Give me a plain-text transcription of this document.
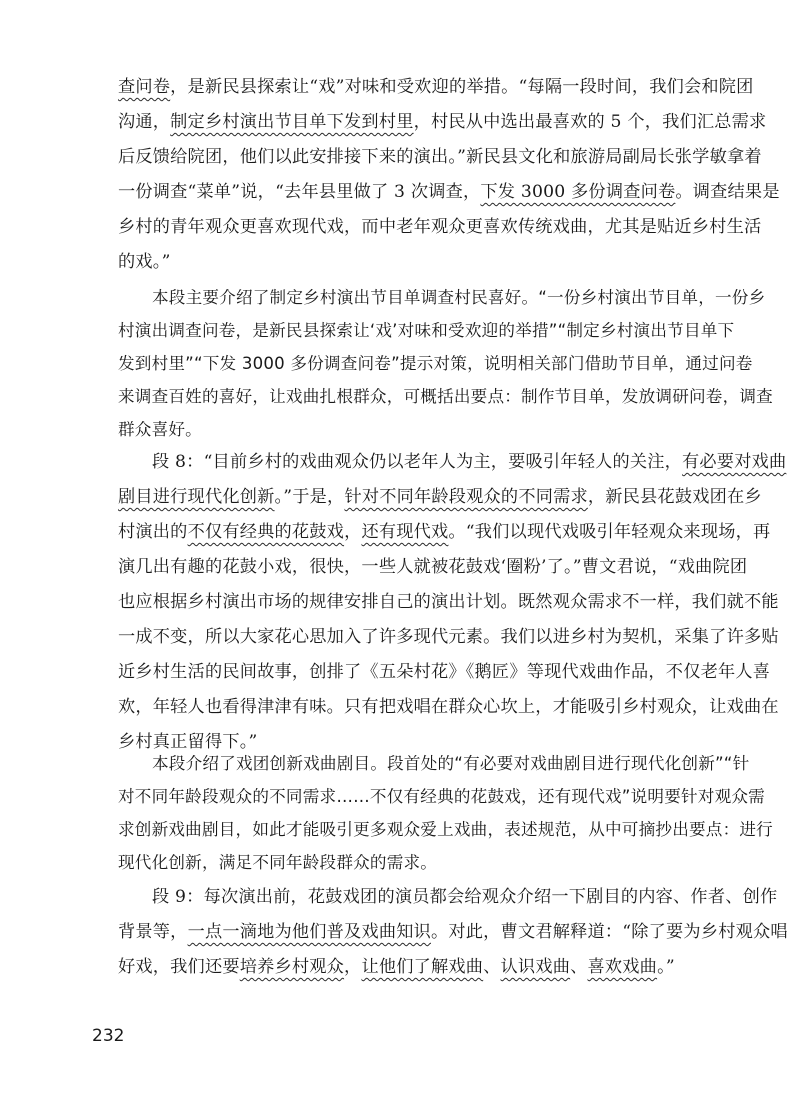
查问卷，是新民县探索让“戏”对味和受欢迎的举措。“每隔一段时间，我们会和院团
沟通，制定乡村演出节目单下发到村里，村民从中选出最喜欢的 5 个，我们汇总需求
后反馈给院团，他们以此安排接下来的演出。”新民县文化和旅游局副局长张学敏拿着
一份调查“菜单”说，“去年县里做了 3 次调查，下发 3000 多份调查问卷。调查结果是
乡村的青年观众更喜欢现代戏，而中老年观众更喜欢传统戏曲，尤其是贴近乡村生活
的戏。”
本段主要介绍了制定乡村演出节目单调查村民喜好。“一份乡村演出节目单，一份乡
村演出调查问卷，是新民县探索让‘戏’对味和受欢迎的举措”“制定乡村演出节目单下
发到村里”“下发 3000 多份调查问卷”提示对策，说明相关部门借助节目单，通过问卷
来调查百姓的喜好，让戏曲扎根群众，可概括出要点：制作节目单，发放调研问卷，调查
群众喜好。
段 8：“目前乡村的戏曲观众仍以老年人为主，要吸引年轻人的关注，有必要对戏曲
剧目进行现代化创新。”于是，针对不同年龄段观众的不同需求，新民县花鼓戏团在乡
村演出的不仅有经典的花鼓戏，还有现代戏。“我们以现代戏吸引年轻观众来现场，再
演几出有趣的花鼓小戏，很快，一些人就被花鼓戏‘圈粉’了。”曹文君说，“戏曲院团
也应根据乡村演出市场的规律安排自己的演出计划。既然观众需求不一样，我们就不能
一成不变，所以大家花心思加入了许多现代元素。我们以进乡村为契机，采集了许多贴
近乡村生活的民间故事，创排了《五朵村花》《鹅匠》等现代戏曲作品，不仅老年人喜
欢，年轻人也看得津津有味。只有把戏唱在群众心坎上，才能吸引乡村观众，让戏曲在
乡村真正留得下。”
本段介绍了戏团创新戏曲剧目。段首处的“有必要对戏曲剧目进行现代化创新”“针
对不同年龄段观众的不同需求……不仅有经典的花鼓戏，还有现代戏”说明要针对观众需
求创新戏曲剧目，如此才能吸引更多观众爱上戏曲，表述规范，从中可摘抄出要点：进行
现代化创新，满足不同年龄段群众的需求。
段 9：每次演出前，花鼓戏团的演员都会给观众介绍一下剧目的内容、作者、创作
背景等，一点一滴地为他们普及戏曲知识。对此，曹文君解释道：“除了要为乡村观众唱
好戏，我们还要培养乡村观众，让他们了解戏曲、认识戏曲、喜欢戏曲。”
232
